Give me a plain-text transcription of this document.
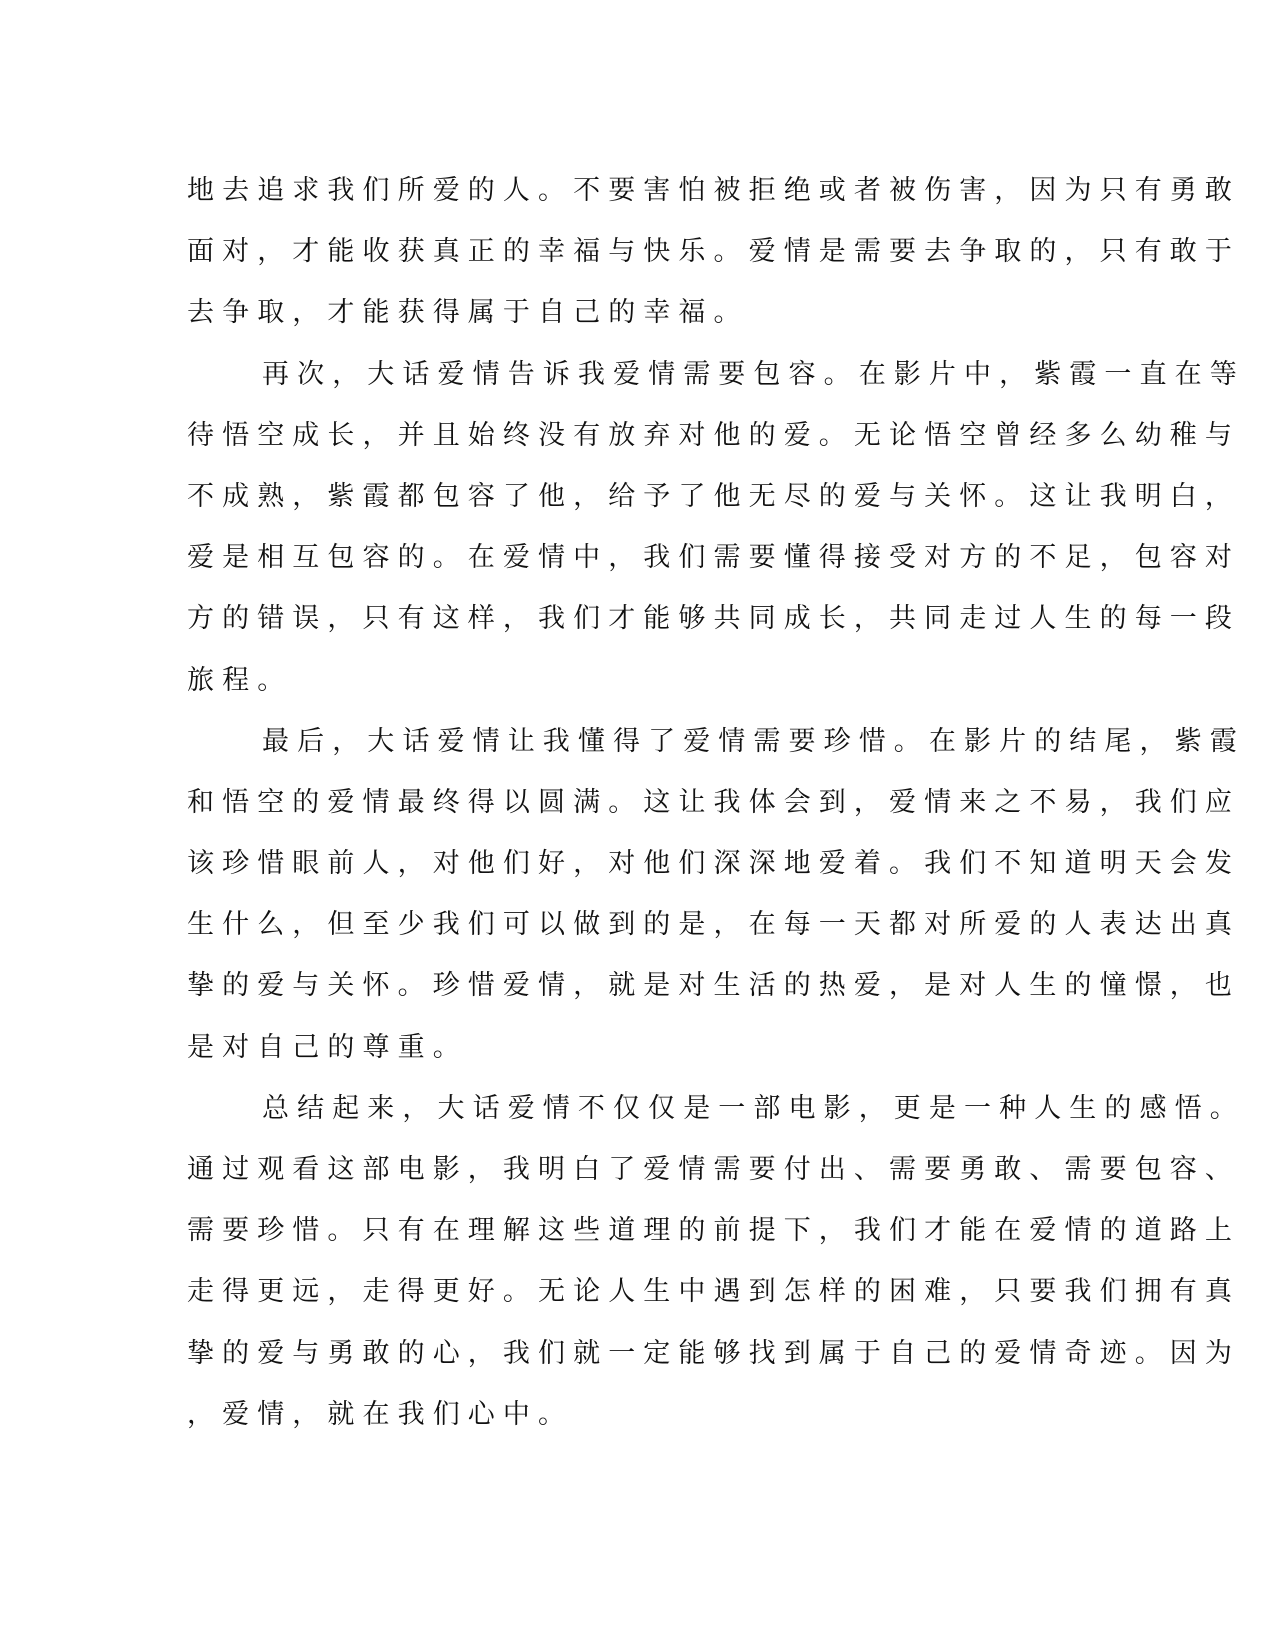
地去追求我们所爱的人。不要害怕被拒绝或者被伤害，因为只有勇敢
面对，才能收获真正的幸福与快乐。爱情是需要去争取的，只有敢于
去争取，才能获得属于自己的幸福。
再次，大话爱情告诉我爱情需要包容。在影片中，紫霞一直在等
待悟空成长，并且始终没有放弃对他的爱。无论悟空曾经多么幼稚与
不成熟，紫霞都包容了他，给予了他无尽的爱与关怀。这让我明白，
爱是相互包容的。在爱情中，我们需要懂得接受对方的不足，包容对
方的错误，只有这样，我们才能够共同成长，共同走过人生的每一段
旅程。
最后，大话爱情让我懂得了爱情需要珍惜。在影片的结尾，紫霞
和悟空的爱情最终得以圆满。这让我体会到，爱情来之不易，我们应
该珍惜眼前人，对他们好，对他们深深地爱着。我们不知道明天会发
生什么，但至少我们可以做到的是，在每一天都对所爱的人表达出真
挚的爱与关怀。珍惜爱情，就是对生活的热爱，是对人生的憧憬，也
是对自己的尊重。
总结起来，大话爱情不仅仅是一部电影，更是一种人生的感悟。
通过观看这部电影，我明白了爱情需要付出、需要勇敢、需要包容、
需要珍惜。只有在理解这些道理的前提下，我们才能在爱情的道路上
走得更远，走得更好。无论人生中遇到怎样的困难，只要我们拥有真
挚的爱与勇敢的心，我们就一定能够找到属于自己的爱情奇迹。因为
，爱情，就在我们心中。
